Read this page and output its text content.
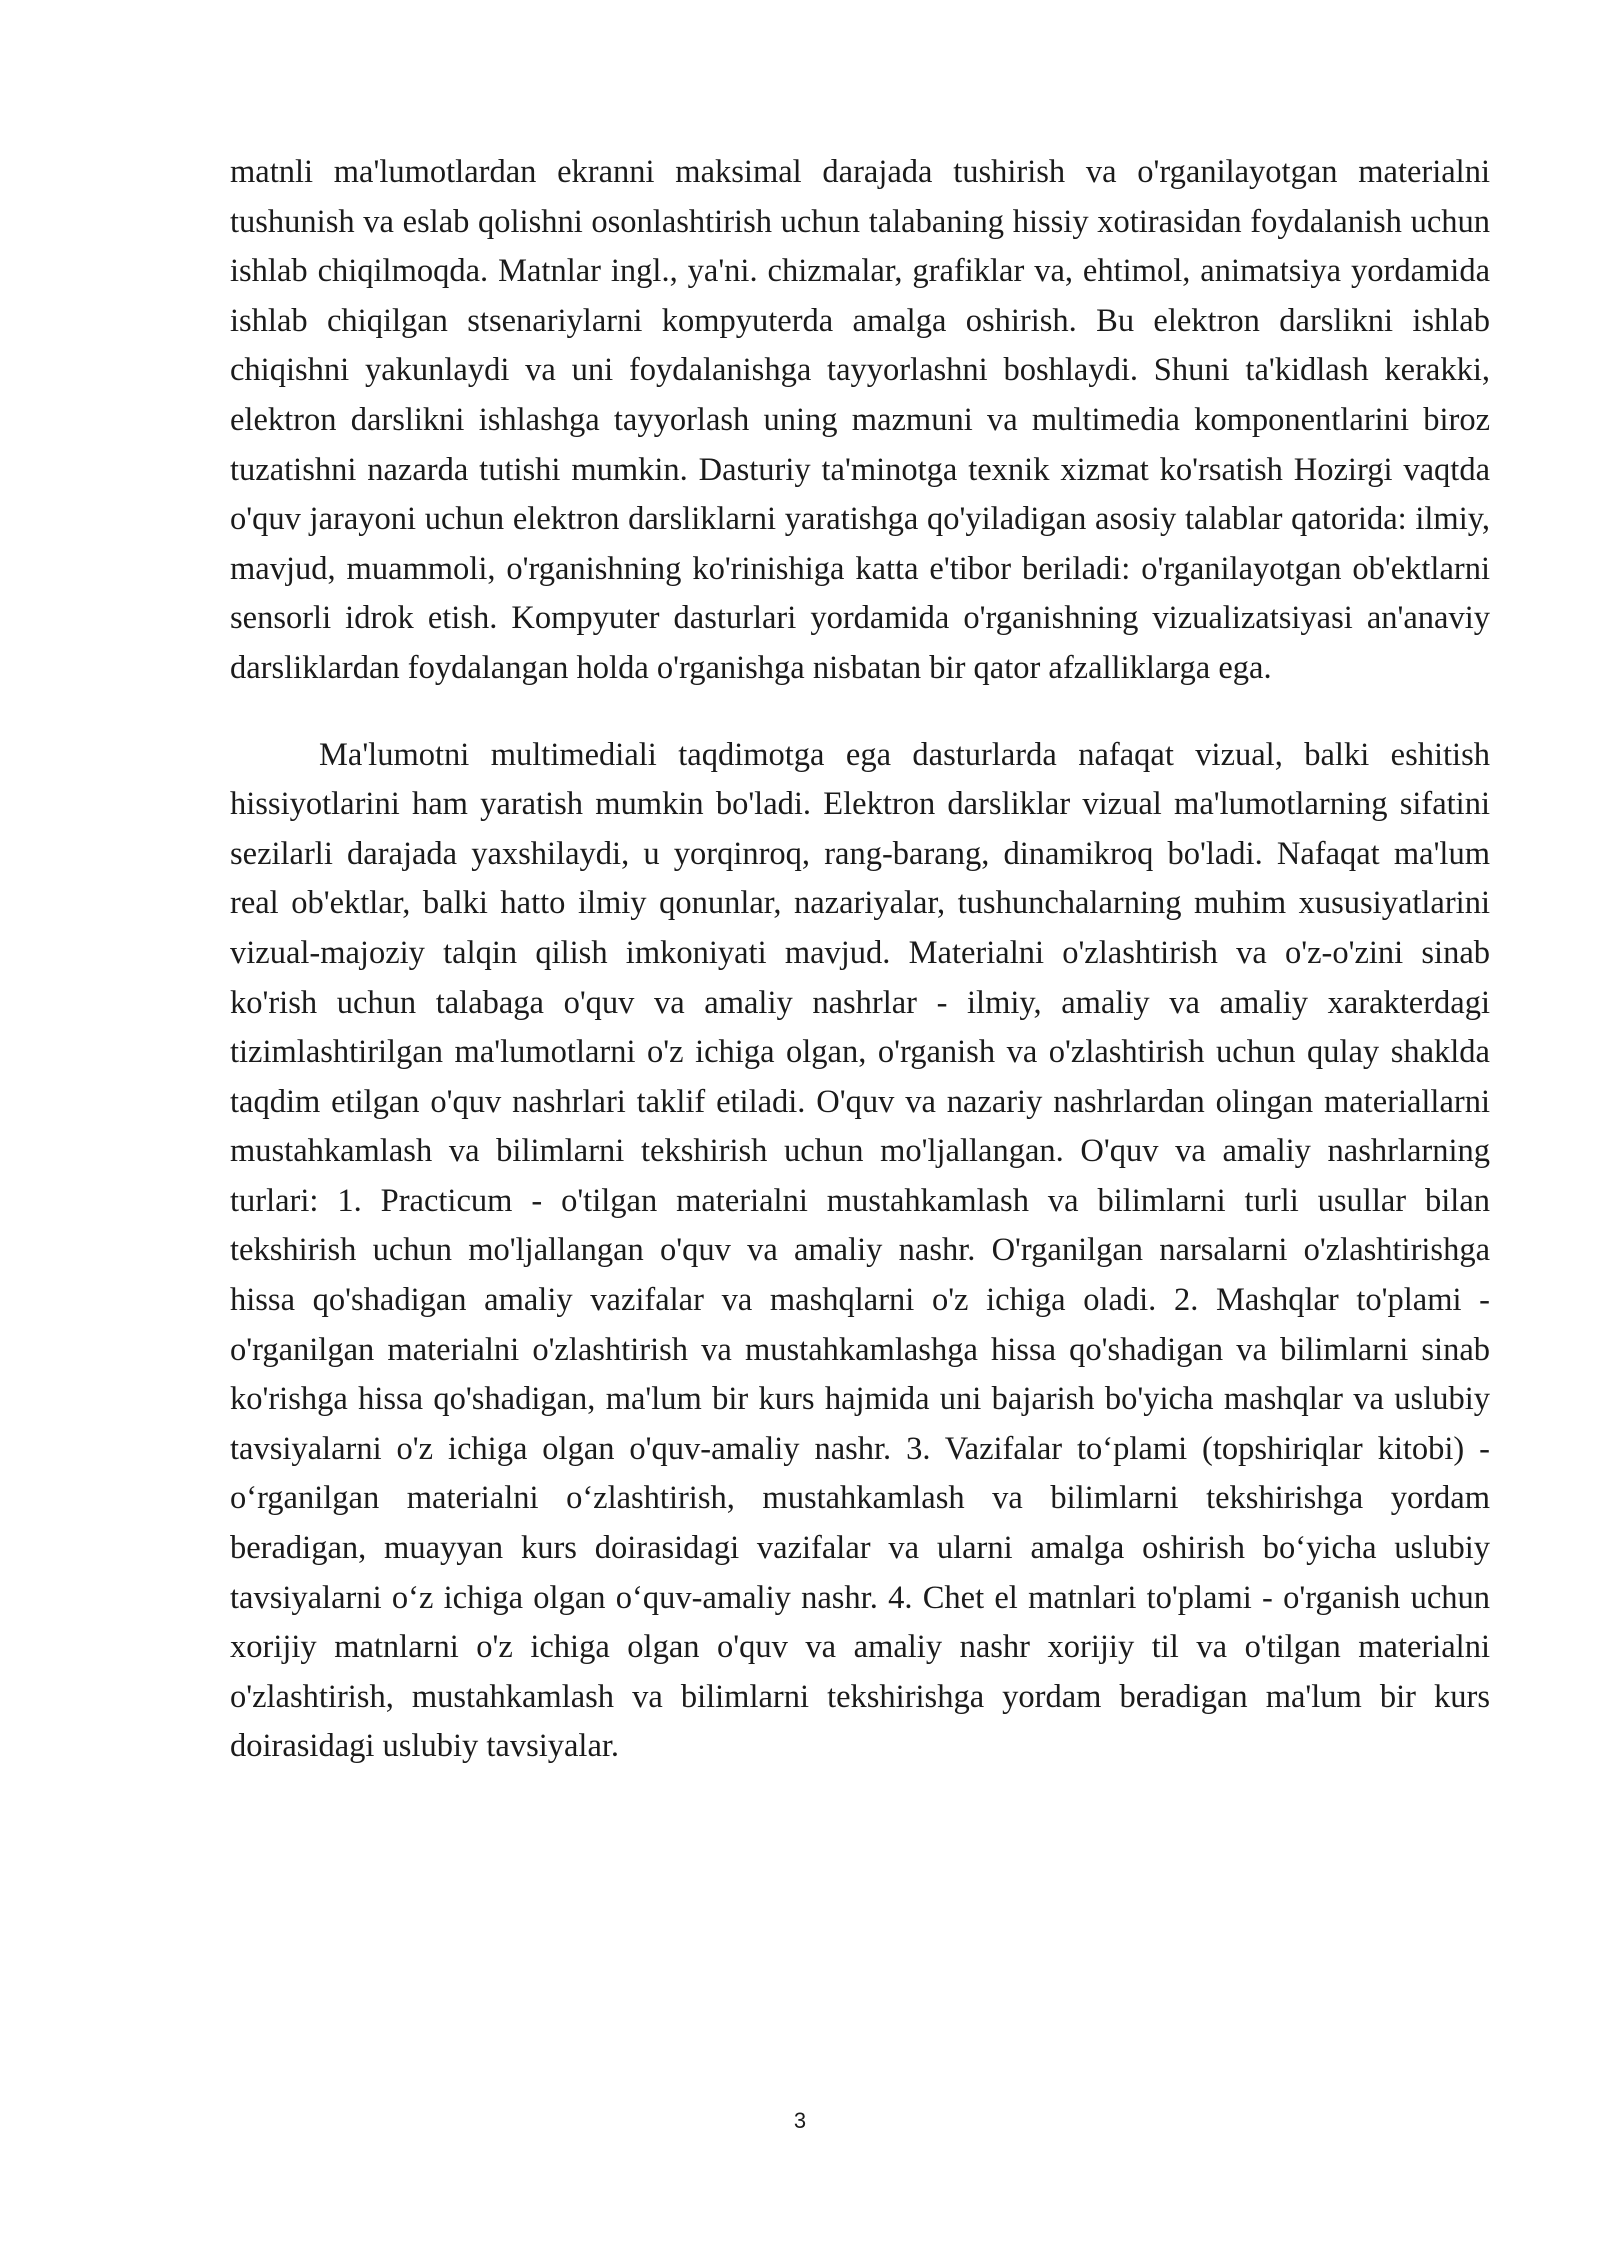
matnli ma'lumotlardan ekranni maksimal darajada tushirish va o'rganilayotgan materialni tushunish va eslab qolishni osonlashtirish uchun talabaning hissiy xotirasidan foydalanish uchun ishlab chiqilmoqda. Matnlar ingl., ya'ni. chizmalar, grafiklar va, ehtimol, animatsiya yordamida ishlab chiqilgan stsenariylarni kompyuterda amalga oshirish. Bu elektron darslikni ishlab chiqishni yakunlaydi va uni foydalanishga tayyorlashni boshlaydi. Shuni ta'kidlash kerakki, elektron darslikni ishlashga tayyorlash uning mazmuni va multimedia komponentlarini biroz tuzatishni nazarda tutishi mumkin. Dasturiy ta'minotga texnik xizmat ko'rsatish Hozirgi vaqtda o'quv jarayoni uchun elektron darsliklarni yaratishga qo'yiladigan asosiy talablar qatorida: ilmiy, mavjud, muammoli, o'rganishning ko'rinishiga katta e'tibor beriladi: o'rganilayotgan ob'ektlarni sensorli idrok etish. Kompyuter dasturlari yordamida o'rganishning vizualizatsiyasi an'anaviy darsliklardan foydalangan holda o'rganishga nisbatan bir qator afzalliklarga ega.

Ma'lumotni multimediali taqdimotga ega dasturlarda nafaqat vizual, balki eshitish hissiyotlarini ham yaratish mumkin bo'ladi. Elektron darsliklar vizual ma'lumotlarning sifatini sezilarli darajada yaxshilaydi, u yorqinroq, rang-barang, dinamikroq bo'ladi. Nafaqat ma'lum real ob'ektlar, balki hatto ilmiy qonunlar, nazariyalar, tushunchalarning muhim xususiyatlarini vizual-majoziy talqin qilish imkoniyati mavjud. Materialni o'zlashtirish va o'z-o'zini sinab ko'rish uchun talabaga o'quv va amaliy nashrlar - ilmiy, amaliy va amaliy xarakterdagi tizimlashtirilgan ma'lumotlarni o'z ichiga olgan, o'rganish va o'zlashtirish uchun qulay shaklda taqdim etilgan o'quv nashrlari taklif etiladi. O'quv va nazariy nashrlardan olingan materiallarni mustahkamlash va bilimlarni tekshirish uchun mo'ljallangan. O'quv va amaliy nashrlarning turlari: 1. Practicum - o'tilgan materialni mustahkamlash va bilimlarni turli usullar bilan tekshirish uchun mo'ljallangan o'quv va amaliy nashr. O'rganilgan narsalarni o'zlashtirishga hissa qo'shadigan amaliy vazifalar va mashqlarni o'z ichiga oladi. 2. Mashqlar to'plami - o'rganilgan materialni o'zlashtirish va mustahkamlashga hissa qo'shadigan va bilimlarni sinab ko'rishga hissa qo'shadigan, ma'lum bir kurs hajmida uni bajarish bo'yicha mashqlar va uslubiy tavsiyalarni o'z ichiga olgan o'quv-amaliy nashr. 3. Vazifalar to‘plami (topshiriqlar kitobi) - o‘rganilgan materialni o‘zlashtirish, mustahkamlash va bilimlarni tekshirishga yordam beradigan, muayyan kurs doirasidagi vazifalar va ularni amalga oshirish bo‘yicha uslubiy tavsiyalarni o‘z ichiga olgan o‘quv-amaliy nashr. 4. Chet el matnlari to'plami - o'rganish uchun xorijiy matnlarni o'z ichiga olgan o'quv va amaliy nashr xorijiy til va o'tilgan materialni o'zlashtirish, mustahkamlash va bilimlarni tekshirishga yordam beradigan ma'lum bir kurs doirasidagi uslubiy tavsiyalar.

3
